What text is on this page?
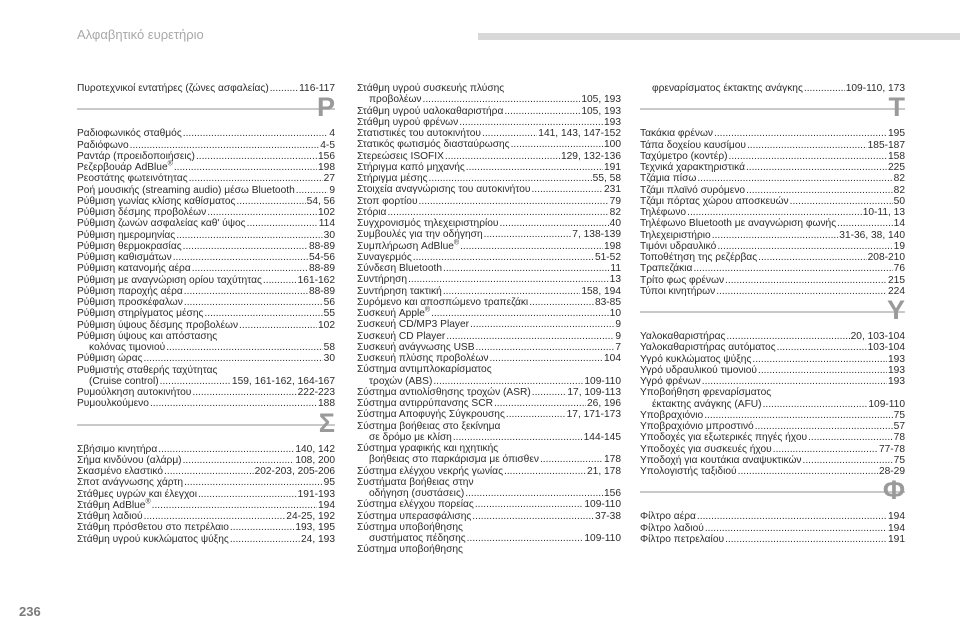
Αλφαβητικό ευρετήριο
236
Πυροτεχνικοί εντατήρες (ζώνες ασφαλείας) .....	116-117
P
Ραδιοφωνικός σταθμός .....	4
Ραδιόφωνο .....	4-5
Ραντάρ (προειδοποιήσεις) .....	156
Ρεζερβουάρ AdBlue® .....	198
Ρεοστάτης φωτεινότητας .....	27
Ροή μουσικής (streaming audio) μέσω Bluetooth .....	9
Ρύθμιση γωνίας κλίσης καθίσματος .....	54, 56
Ρύθμιση δέσμης προβολέων .....	102
Ρύθμιση ζωνών ασφαλείας καθ' ύψος .....	114
Ρύθμιση ημερομηνίας .....	30
Ρύθμιση θερμοκρασίας .....	88-89
Ρύθμιση καθισμάτων .....	54-56
Ρύθμιση κατανομής αέρα .....	88-89
Ρύθμιση με αναγνώριση ορίου ταχύτητας .....	161-162
Ρύθμιση παροχής αέρα .....	88-89
Ρύθμιση προσκέφαλων .....	56
Ρύθμιση στηρίγματος μέσης .....	55
Ρύθμιση ύψους δέσμης προβολέων .....	102
Ρύθμιση ύψους και απόστασης
κολόνας τιμονιού .....	58
Ρύθμιση ώρας .....	30
Ρυθμιστής σταθερής ταχύτητας
(Cruise control) .....	159, 161-162, 164-167
Ρυμούλκηση αυτοκινήτου .....	222-223
Ρυμουλκούμενο .....	188
Σ
Σβήσιμο κινητήρα .....	140, 142
Σήμα κινδύνου (αλάρμ) .....	108, 200
Σκασμένο ελαστικό .....	202-203, 205-206
Σποτ ανάγνωσης χάρτη .....	95
Στάθμες υγρών και έλεγχοι .....	191-193
Στάθμη AdBlue® .....	194
Στάθμη λαδιού .....	24-25, 192
Στάθμη πρόσθετου στο πετρέλαιο .....	193, 195
Στάθμη υγρού κυκλώματος ψύξης .....	24, 193
Στάθμη υγρού συσκευής πλύσης
προβολέων .....	105, 193
Στάθμη υγρού υαλοκαθαριστήρα .....	105, 193
Στάθμη υγρού φρένων .....	193
Στατιστικές του αυτοκινήτου .....	141, 143, 147-152
Στατικός φωτισμός διασταύρωσης .....	100
Στερεώσεις ISOFIX .....	129, 132-136
Στήριγμα καπό μηχανής .....	191
Στήριγμα μέσης .....	55, 58
Στοιχεία αναγνώρισης του αυτοκινήτου .....	231
Στοπ φορτίου .....	79
Στόρια .....	82
Συγχρονισμός τηλεχειριστηρίου .....	40
Συμβουλές για την οδήγηση .....	7, 138-139
Συμπλήρωση AdBlue® .....	198
Συναγερμός .....	51-52
Σύνδεση Bluetooth .....	11
Συντήρηση .....	13
Συντήρηση τακτική .....	158, 194
Συρόμενο και αποσπώμενο τραπεζάκι .....	83-85
Συσκευή Apple® .....	10
Συσκευή CD/MP3 Player .....	9
Συσκευή CD Player .....	9
Συσκευή ανάγνωσης USB .....	7
Συσκευή πλύσης προβολέων .....	104
Σύστημα αντιμπλοκαρίσματος
τροχών (ABS) .....	109-110
Σύστημα αντιολίσθησης τροχών (ASR) .....	17, 109-113
Σύστημα αντιρρύπανσης SCR .....	26, 196
Σύστημα Αποφυγής Σύγκρουσης .....	17, 171-173
Σύστημα βοήθειας στο ξεκίνημα
σε δρόμο με κλίση .....	144-145
Σύστημα γραφικής και ηχητικής
βοήθειας στο παρκάρισμα με όπισθεν .....	178
Σύστημα ελέγχου νεκρής γωνίας .....	21, 178
Συστήματα βοήθειας στην
οδήγηση (συστάσεις) .....	156
Σύστημα ελέγχου πορείας .....	109-110
Σύστημα υπερασφάλισης .....	37-38
Σύστημα υποβοήθησης
συστήματος πέδησης .....	109-110
Σύστημα υποβοήθησης
φρεναρίσματος έκτακτης ανάγκης .....	109-110, 173
T
Τακάκια φρένων .....	195
Τάπα δοχείου καυσίμου .....	185-187
Ταχύμετρο (κοντέρ) .....	158
Τεχνικά χαρακτηριστικά .....	225
Τζάμια πίσω .....	82
Τζάμι πλαϊνό συρόμενο .....	82
Τζάμι πόρτας χώρου αποσκευών .....	50
Τηλέφωνο .....	10-11, 13
Τηλέφωνο Bluetooth με αναγνώριση φωνής .....	14
Τηλεχειριστήριο .....	31-36, 38, 140
Τιμόνι υδραυλικό .....	19
Τοποθέτηση της ρεζέρβας .....	208-210
Τραπεζάκια .....	76
Τρίτο φως φρένων .....	215
Τύποι κινητήρων .....	224
Y
Υαλοκαθαριστήρας .....	20, 103-104
Υαλοκαθαριστήρας αυτόματος .....	103-104
Υγρό κυκλώματος ψύξης .....	193
Υγρό υδραυλικού τιμονιού .....	193
Υγρό φρένων .....	193
Υποβοήθηση φρεναρίσματος
έκτακτης ανάγκης (AFU) .....	109-110
Υποβραχιόνιο .....	75
Υποβραχιόνιο μπροστινό .....	57
Υποδοχές για εξωτερικές πηγές ήχου .....	78
Υποδοχές για συσκευές ήχου .....	77-78
Υποδοχή για κουτάκια αναψυκτικών .....	75
Υπολογιστής ταξιδιού .....	28-29
Φ
Φίλτρο αέρα .....	194
Φίλτρο λαδιού .....	194
Φίλτρο πετρελαίου .....	191
